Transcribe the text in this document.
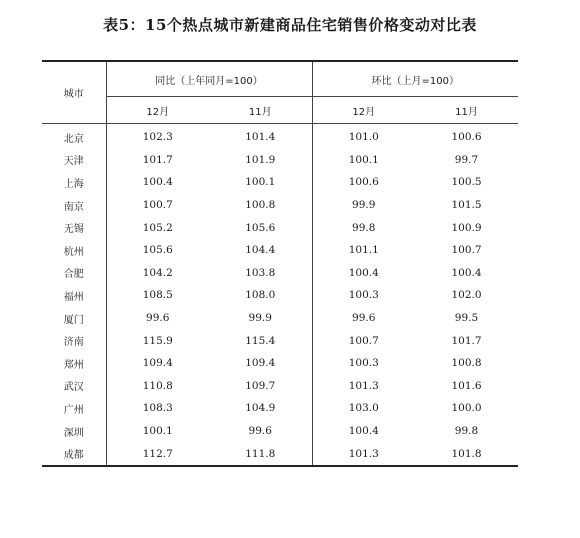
表5：15个热点城市新建商品住宅销售价格变动对比表
城市	同比（上年同月=100）		环比（上月=100）	
	12月	11月	12月	11月
北京	102.3	101.4	101.0	100.6
天津	101.7	101.9	100.1	99.7
上海	100.4	100.1	100.6	100.5
南京	100.7	100.8	99.9	101.5
无锡	105.2	105.6	99.8	100.9
杭州	105.6	104.4	101.1	100.7
合肥	104.2	103.8	100.4	100.4
福州	108.5	108.0	100.3	102.0
厦门	99.6	99.9	99.6	99.5
济南	115.9	115.4	100.7	101.7
郑州	109.4	109.4	100.3	100.8
武汉	110.8	109.7	101.3	101.6
广州	108.3	104.9	103.0	100.0
深圳	100.1	99.6	100.4	99.8
成都	112.7	111.8	101.3	101.8
